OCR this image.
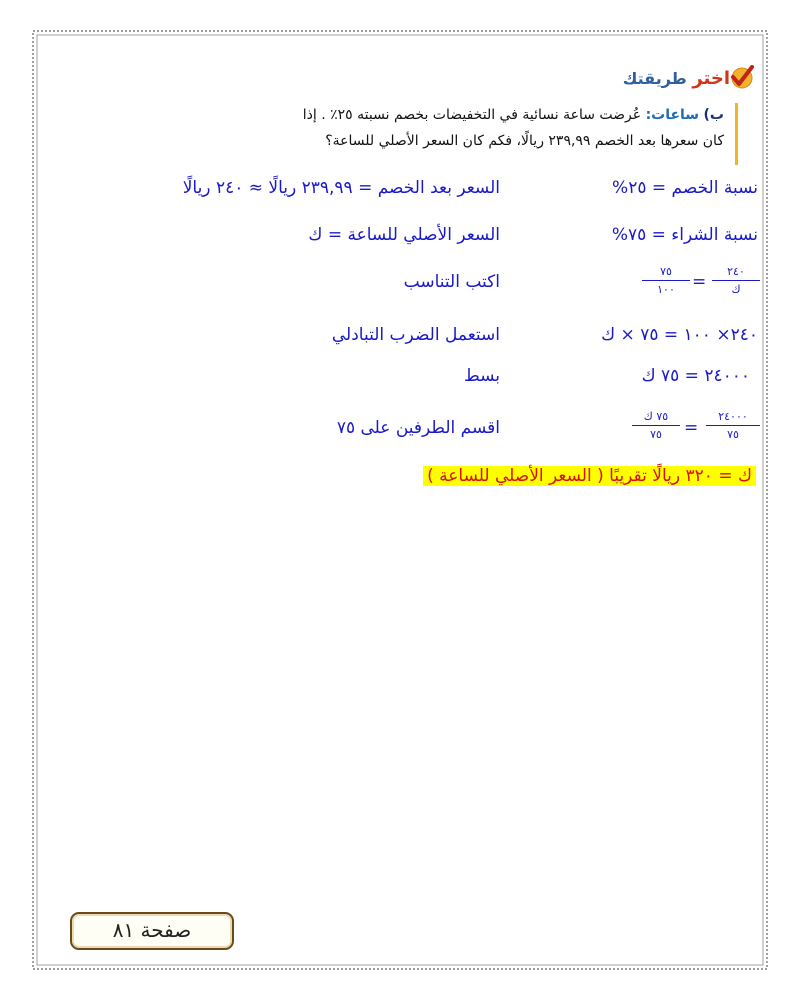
اختر طريقتك
ب) ساعات: عُرضت ساعة نسائية في التخفيضات بخصم نسبته ٢٥٪ . إذا
كان سعرها بعد الخصم ٢٣٩,٩٩ ريالًا، فكم كان السعر الأصلي للساعة؟
نسبة الخصم = ٢٥%
السعر بعد الخصم = ٢٣٩,٩٩ ريالًا ≈ ٢٤٠ ريالًا
نسبة الشراء = ٧٥%
السعر الأصلي للساعة = ك
٢٤٠
ك
=
٧٥
١٠٠
اكتب التناسب
٢٤٠× ١٠٠ = ٧٥ × ك
استعمل الضرب التبادلي
٢٤٠٠٠ = ٧٥ ك
بسط
٢٤٠٠٠
٧٥
=
٧٥ ك
٧٥
اقسم الطرفين على ٧٥
ك = ٣٢٠ ريالًا تقريبًا ( السعر الأصلي للساعة )
صفحة ٨١
